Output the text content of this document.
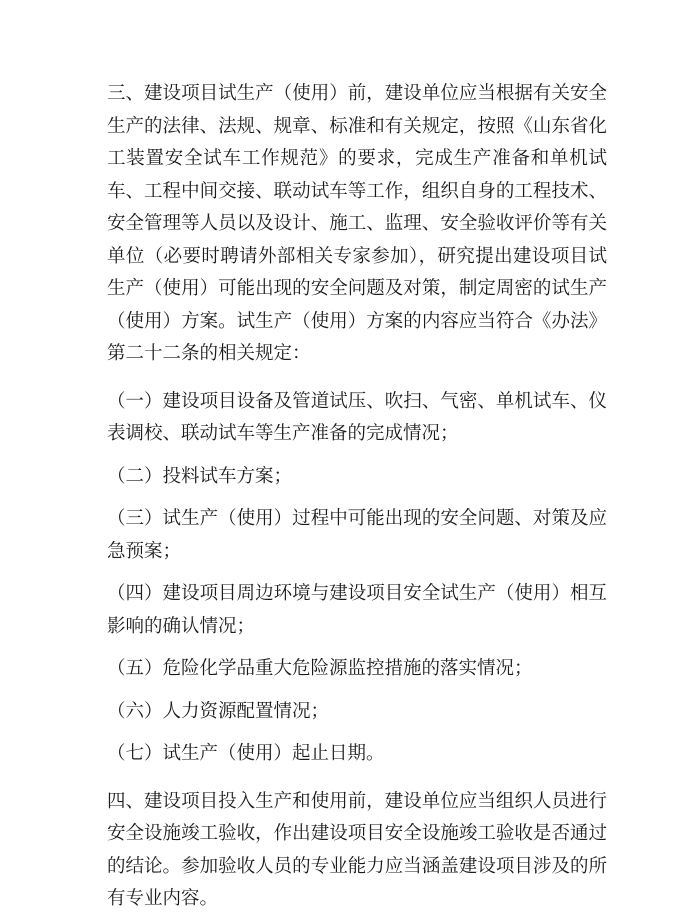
三、建设项目试生产（使用）前，建设单位应当根据有关安全生产的法律、法规、规章、标准和有关规定，按照《山东省化工装置安全试车工作规范》的要求，完成生产准备和单机试车、工程中间交接、联动试车等工作，组织自身的工程技术、安全管理等人员以及设计、施工、监理、安全验收评价等有关单位（必要时聘请外部相关专家参加），研究提出建设项目试生产（使用）可能出现的安全问题及对策，制定周密的试生产（使用）方案。试生产（使用）方案的内容应当符合《办法》第二十二条的相关规定：

（一）建设项目设备及管道试压、吹扫、气密、单机试车、仪表调校、联动试车等生产准备的完成情况；

（二）投料试车方案；

（三）试生产（使用）过程中可能出现的安全问题、对策及应急预案；

（四）建设项目周边环境与建设项目安全试生产（使用）相互影响的确认情况；

（五）危险化学品重大危险源监控措施的落实情况；

（六）人力资源配置情况；

（七）试生产（使用）起止日期。

四、建设项目投入生产和使用前，建设单位应当组织人员进行安全设施竣工验收，作出建设项目安全设施竣工验收是否通过的结论。参加验收人员的专业能力应当涵盖建设项目涉及的所有专业内容。
